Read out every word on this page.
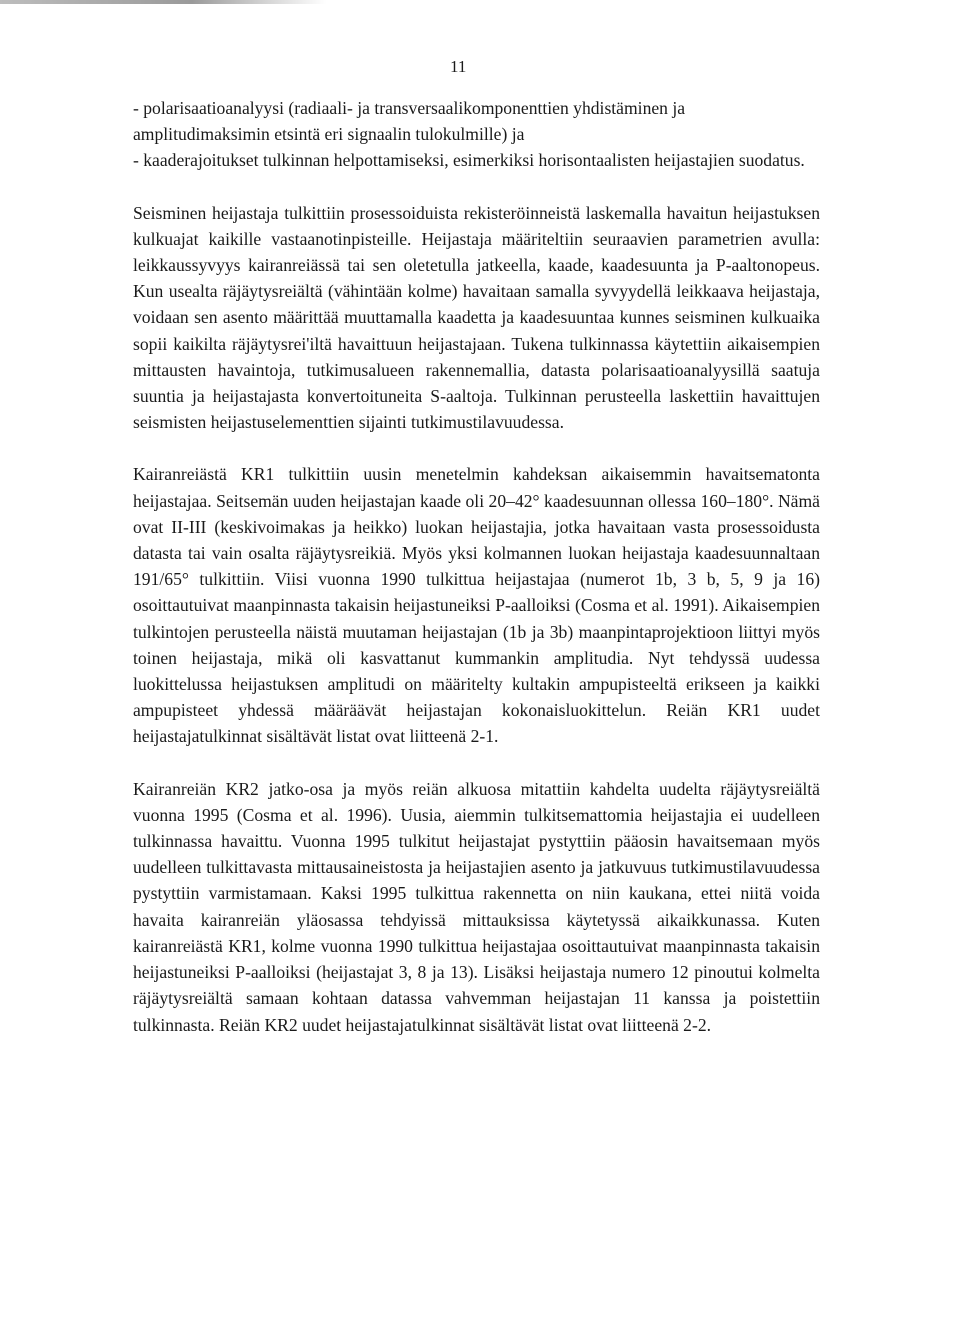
11

- polarisaatioanalyysi (radiaali- ja transversaalikomponenttien yhdistäminen ja amplitudimaksimin etsintä eri signaalin tulokulmille) ja

- kaaderajoitukset tulkinnan helpottamiseksi, esimerkiksi horisontaalisten heijastajien suodatus.

Seisminen heijastaja tulkittiin prosessoiduista rekisteröinneistä laskemalla havaitun heijastuksen kulkuajat kaikille vastaanotinpisteille. Heijastaja määriteltiin seuraavien parametrien avulla: leikkaussyvyys kairanreiässä tai sen oletetulla jatkeella, kaade, kaadesuunta ja P-aaltonopeus. Kun usealta räjäytysreiältä (vähintään kolme) havaitaan samalla syvyydellä leikkaava heijastaja, voidaan sen asento määrittää muuttamalla kaadetta ja kaadesuuntaa kunnes seisminen kulkuaika sopii kaikilta räjäytysrei'iltä havaittuun heijastajaan. Tukena tulkinnassa käytettiin aikaisempien mittausten havaintoja, tutkimusalueen rakennemallia, datasta polarisaatioanalyysillä saatuja suuntia ja heijastajasta konvertoituneita S-aaltoja. Tulkinnan perusteella laskettiin havaittujen seismisten heijastuselementtien sijainti tutkimustilavuudessa.

Kairanreiästä KR1 tulkittiin uusin menetelmin kahdeksan aikaisemmin havaitsematonta heijastajaa. Seitsemän uuden heijastajan kaade oli 20–42° kaadesuunnan ollessa 160–180°. Nämä ovat II-III (keskivoimakas ja heikko) luokan heijastajia, jotka havaitaan vasta prosessoidusta datasta tai vain osalta räjäytysreikiä. Myös yksi kolmannen luokan heijastaja kaadesuunnaltaan 191/65° tulkittiin. Viisi vuonna 1990 tulkittua heijastajaa (numerot 1b, 3 b, 5, 9 ja 16) osoittautuivat maanpinnasta takaisin heijastuneiksi P-aalloiksi (Cosma et al. 1991). Aikaisempien tulkintojen perusteella näistä muutaman heijastajan (1b ja 3b) maanpintaprojektioon liittyi myös toinen heijastaja, mikä oli kasvattanut kummankin amplitudia. Nyt tehdyssä uudessa luokittelussa heijastuksen amplitudi on määritelty kultakin ampupisteeltä erikseen ja kaikki ampupisteet yhdessä määräävät heijastajan kokonaisluokittelun. Reiän KR1 uudet heijastajatulkinnat sisältävät listat ovat liitteenä 2-1.

Kairanreiän KR2 jatko-osa ja myös reiän alkuosa mitattiin kahdelta uudelta räjäytysreiältä vuonna 1995 (Cosma et al. 1996). Uusia, aiemmin tulkitsemattomia heijastajia ei uudelleen tulkinnassa havaittu. Vuonna 1995 tulkitut heijastajat pystyttiin pääosin havaitsemaan myös uudelleen tulkittavasta mittausaineistosta ja heijastajien asento ja jatkuvuus tutkimustilavuudessa pystyttiin varmistamaan. Kaksi 1995 tulkittua rakennetta on niin kaukana, ettei niitä voida havaita kairanreiän yläosassa tehdyissä mittauksissa käytetyssä aikaikkunassa. Kuten kairanreiästä KR1, kolme vuonna 1990 tulkittua heijastajaa osoittautuivat maanpinnasta takaisin heijastuneiksi P-aalloiksi (heijastajat 3, 8 ja 13). Lisäksi heijastaja numero 12 pinoutui kolmelta räjäytysreiältä samaan kohtaan datassa vahvemman heijastajan 11 kanssa ja poistettiin tulkinnasta. Reiän KR2 uudet heijastajatulkinnat sisältävät listat ovat liitteenä 2-2.
